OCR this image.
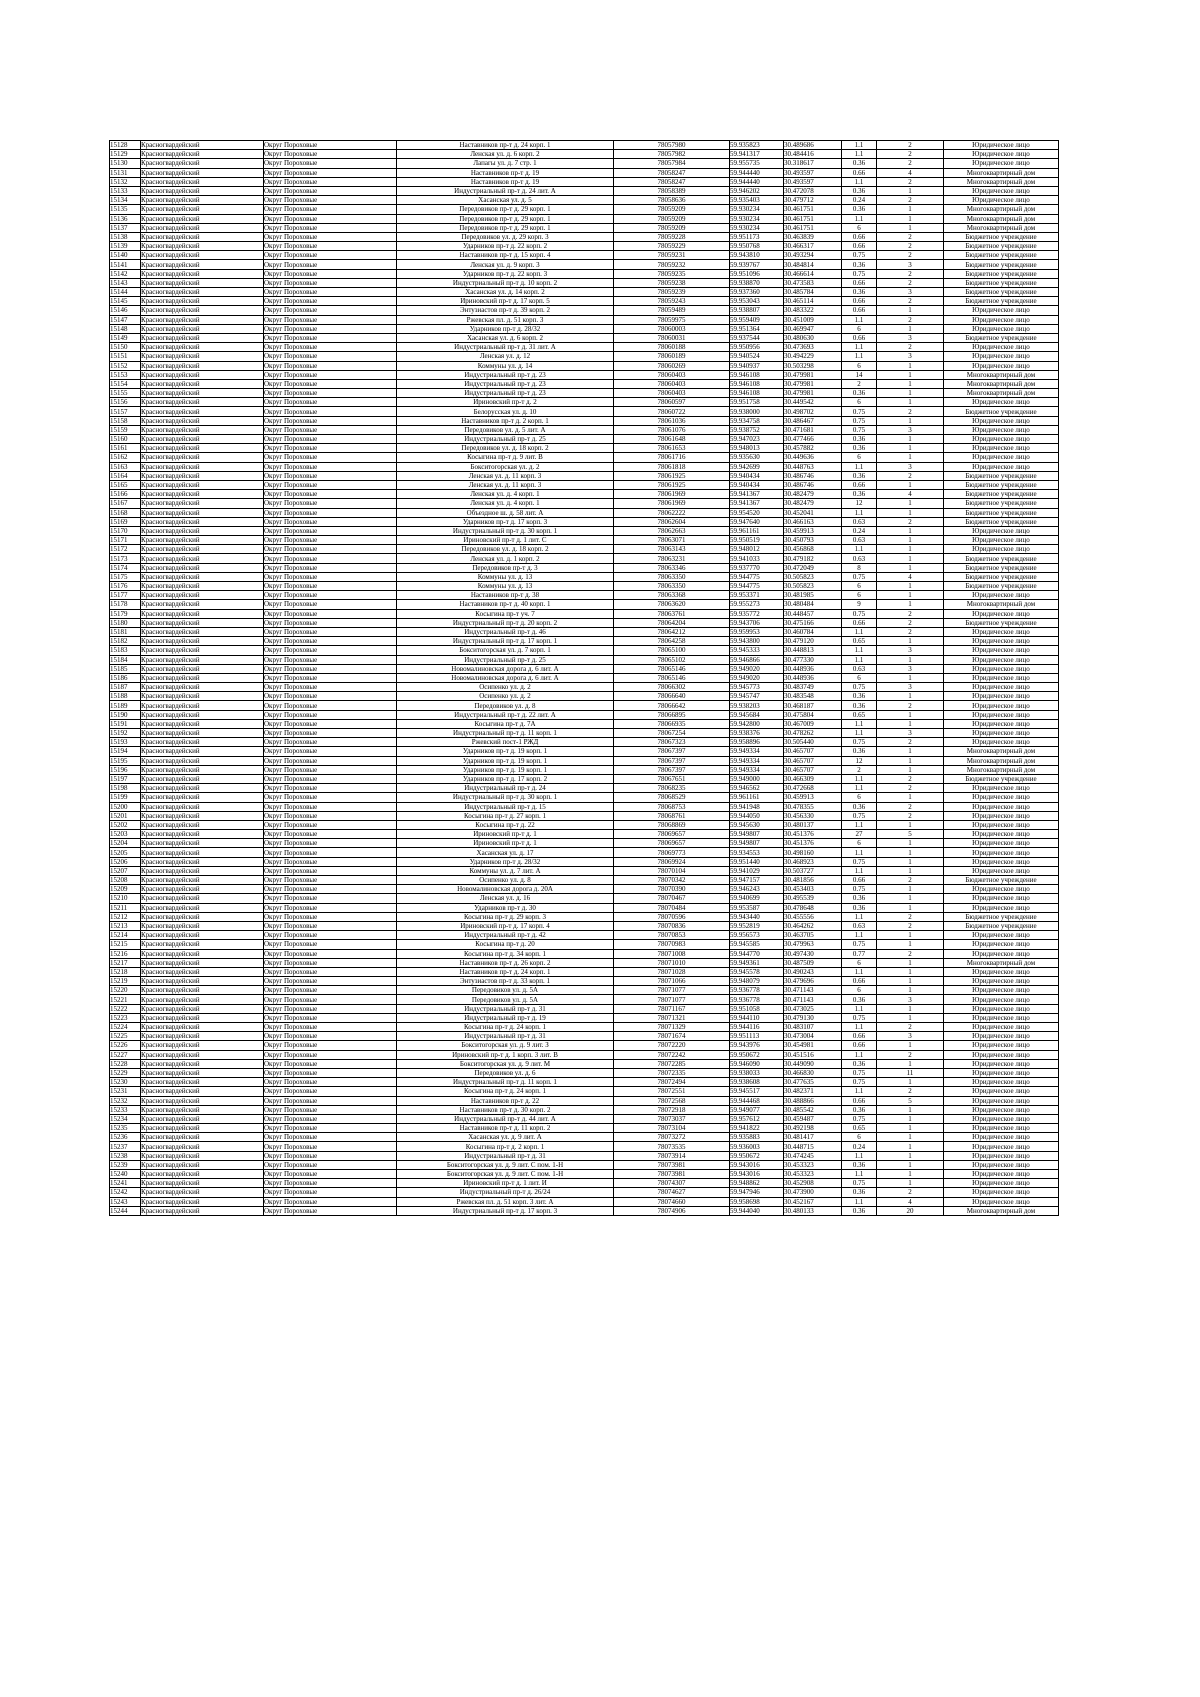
15128	Красногвардейский	Округ Пороховые	Наставников пр-т д. 24 корп. 1	78057980	59.935823	30.489686	1.1	2	Юридическое лицо
15129	Красногвардейский	Округ Пороховые	Ленская ул. д. 6 корп. 2	78057982	59.941317	30.484416	1.1	2	Юридическое лицо
15130	Красногвардейский	Округ Пороховые	Лапагы ул. д. 7 стр. 1	78057984	59.955735	30.318617	0.36	2	Юридическое лицо
15131	Красногвардейский	Округ Пороховые	Наставников пр-т д. 19	78058247	59.944440	30.493597	0.66	4	Многоквартирный дом
15132	Красногвардейский	Округ Пороховые	Наставников пр-т д. 19	78058247	59.944440	30.493597	1.1	2	Многоквартирный дом
15133	Красногвардейский	Округ Пороховые	Индустриальный пр-т д. 24 лит. А	78058389	59.946202	30.472078	0.36	1	Юридическое лицо
15134	Красногвардейский	Округ Пороховые	Хасанская ул. д. 5	78058636	59.935403	30.479712	0.24	2	Юридическое лицо
15135	Красногвардейский	Округ Пороховые	Передовиков пр-т д. 29 корп. 1	78059209	59.930234	30.461751	0.36	1	Многоквартирный дом
15136	Красногвардейский	Округ Пороховые	Передовиков пр-т д. 29 корп. 1	78059209	59.930234	30.461751	1.1	1	Многоквартирный дом
15137	Красногвардейский	Округ Пороховые	Передовиков пр-т д. 29 корп. 1	78059209	59.930234	30.461751	6	1	Многоквартирный дом
15138	Красногвардейский	Округ Пороховые	Передовиков ул. д. 29 корп. 3	78059228	59.951173	30.463839	0.66	2	Бюджетное учреждение
15139	Красногвардейский	Округ Пороховые	Ударников пр-т д. 22 корп. 2	78059229	59.950768	30.466317	0.66	2	Бюджетное учреждение
15140	Красногвардейский	Округ Пороховые	Наставников пр-т д. 15 корп. 4	78059231	59.943810	30.493294	0.75	2	Бюджетное учреждение
15141	Красногвардейский	Округ Пороховые	Ленская ул. д. 9 корп. 3	78059232	59.939767	30.484814	0.36	3	Бюджетное учреждение
15142	Красногвардейский	Округ Пороховые	Ударников пр-т д. 22 корп. 3	78059235	59.951096	30.466614	0.75	2	Бюджетное учреждение
15143	Красногвардейский	Округ Пороховые	Индустриальный пр-т д. 10 корп. 2	78059238	59.938870	30.473583	0.66	2	Бюджетное учреждение
15144	Красногвардейский	Округ Пороховые	Хасанская ул. д. 14 корп. 2	78059239	59.937360	30.485784	0.36	3	Бюджетное учреждение
15145	Красногвардейский	Округ Пороховые	Ириновский пр-т д. 17 корп. 5	78059243	59.953043	30.465114	0.66	2	Бюджетное учреждение
15146	Красногвардейский	Округ Пороховые	Энтузиастов пр-т д. 39 корп. 2	78059489	59.938807	30.483322	0.66	1	Юридическое лицо
15147	Красногвардейский	Округ Пороховые	Ржевская пл. д. 51 корп. 3	78059975	59.959409	30.451009	1.1	2	Юридическое лицо
15148	Красногвардейский	Округ Пороховые	Ударников пр-т д. 28/32	78060003	59.951364	30.469947	6	1	Юридическое лицо
15149	Красногвардейский	Округ Пороховые	Хасанская ул. д. 6 корп. 2	78060031	59.937544	30.480630	0.66	3	Бюджетное учреждение
15150	Красногвардейский	Округ Пороховые	Индустриальный пр-т д. 31 лит. А	78060188	59.950956	30.473693	1.1	2	Юридическое лицо
15151	Красногвардейский	Округ Пороховые	Ленская ул. д. 12	78060189	59.940524	30.494229	1.1	3	Юридическое лицо
15152	Красногвардейский	Округ Пороховые	Коммуны ул. д. 14	78060269	59.940937	30.503298	6	1	Юридическое лицо
15153	Красногвардейский	Округ Пороховые	Индустриальный пр-т д. 23	78060403	59.946108	30.479981	14	1	Многоквартирный дом
15154	Красногвардейский	Округ Пороховые	Индустриальный пр-т д. 23	78060403	59.946108	30.479981	2	1	Многоквартирный дом
15155	Красногвардейский	Округ Пороховые	Индустриальный пр-т д. 23	78060403	59.946108	30.479981	0.36	1	Многоквартирный дом
15156	Красногвардейский	Округ Пороховые	Ириновский пр-т д. 2	78060597	59.951758	30.449542	6	1	Юридическое лицо
15157	Красногвардейский	Округ Пороховые	Белорусская ул. д. 10	78060722	59.938000	30.498702	0.75	2	Бюджетное учреждение
15158	Красногвардейский	Округ Пороховые	Наставников пр-т д. 2 корп. 1	78061036	59.934758	30.486467	0.75	1	Юридическое лицо
15159	Красногвардейский	Округ Пороховые	Передовиков ул. д. 5 лит. А	78061076	59.938752	30.471681	0.75	3	Юридическое лицо
15160	Красногвардейский	Округ Пороховые	Индустриальный пр-т д. 25	78061648	59.947023	30.477466	0.36	1	Юридическое лицо
15161	Красногвардейский	Округ Пороховые	Передовиков ул. д. 18 корп. 2	78061653	59.948013	30.457882	0.36	1	Юридическое лицо
15162	Красногвардейский	Округ Пороховые	Косыгина пр-т д. 9 лит. В	78061716	59.935630	30.449636	6	1	Юридическое лицо
15163	Красногвардейский	Округ Пороховые	Бокситогорская ул. д. 2	78061818	59.942699	30.448763	1.1	3	Юридическое лицо
15164	Красногвардейский	Округ Пороховые	Ленская ул. д. 11 корп. 3	78061925	59.940434	30.486746	0.36	2	Бюджетное учреждение
15165	Красногвардейский	Округ Пороховые	Ленская ул. д. 11 корп. 3	78061925	59.940434	30.486746	0.66	1	Бюджетное учреждение
15166	Красногвардейский	Округ Пороховые	Ленская ул. д. 4 корп. 1	78061969	59.941367	30.482479	0.36	4	Бюджетное учреждение
15167	Красногвардейский	Округ Пороховые	Ленская ул. д. 4 корп. 1	78061969	59.941367	30.482479	12	1	Бюджетное учреждение
15168	Красногвардейский	Округ Пороховые	Объездное ш. д. 58 лит. А	78062222	59.954520	30.452041	1.1	1	Бюджетное учреждение
15169	Красногвардейский	Округ Пороховые	Ударников пр-т д. 17 корп. 3	78062604	59.947640	30.466163	0.63	2	Бюджетное учреждение
15170	Красногвардейский	Округ Пороховые	Индустриальный пр-т д. 30 корп. 1	78062663	59.961161	30.459913	0.24	1	Юридическое лицо
15171	Красногвардейский	Округ Пороховые	Ириновский пр-т д. 1 лит. С	78063071	59.950519	30.450793	0.63	1	Юридическое лицо
15172	Красногвардейский	Округ Пороховые	Передовиков ул. д. 18 корп. 2	78063143	59.948012	30.456868	1.1	1	Юридическое лицо
15173	Красногвардейский	Округ Пороховые	Ленская ул. д. 1 корп. 2	78063231	59.941033	30.479182	0.63	1	Бюджетное учреждение
15174	Красногвардейский	Округ Пороховые	Передовиков пр-т д. 3	78063346	59.937770	30.472049	8	1	Бюджетное учреждение
15175	Красногвардейский	Округ Пороховые	Коммуны ул. д. 13	78063350	59.944775	30.505823	0.75	4	Бюджетное учреждение
15176	Красногвардейский	Округ Пороховые	Коммуны ул. д. 13	78063350	59.944775	30.505823	6	1	Бюджетное учреждение
15177	Красногвардейский	Округ Пороховые	Наставников пр-т д. 38	78063368	59.953371	30.481985	6	1	Юридическое лицо
15178	Красногвардейский	Округ Пороховые	Наставников пр-т д. 40 корп. 1	78063620	59.955273	30.480484	9	1	Многоквартирный дом
15179	Красногвардейский	Округ Пороховые	Косыгина пр-т уч. 7	78063761	59.935772	30.448457	0.75	2	Юридическое лицо
15180	Красногвардейский	Округ Пороховые	Индустриальный пр-т д. 20 корп. 2	78064204	59.943706	30.475166	0.66	2	Бюджетное учреждение
15181	Красногвардейский	Округ Пороховые	Индустриальный пр-т д. 46	78064212	59.959953	30.460784	1.1	2	Юридическое лицо
15182	Красногвардейский	Округ Пороховые	Индустриальный пр-т д. 17 корп. 1	78064258	59.943800	30.479120	0.65	1	Юридическое лицо
15183	Красногвардейский	Округ Пороховые	Бокситогорская ул. д. 7 корп. 1	78065100	59.945333	30.448813	1.1	3	Юридическое лицо
15184	Красногвардейский	Округ Пороховые	Индустриальный пр-т д. 25	78065102	59.946866	30.477330	1.1	1	Юридическое лицо
15185	Красногвардейский	Округ Пороховые	Новомалиновская дорога д. 6 лит. А	78065146	59.949020	30.448936	0.63	3	Юридическое лицо
15186	Красногвардейский	Округ Пороховые	Новомалиновская дорога д. 6 лит. А	78065146	59.949020	30.448936	6	1	Юридическое лицо
15187	Красногвардейский	Округ Пороховые	Осипенко ул. д. 2	78066302	59.945773	30.483749	0.75	3	Юридическое лицо
15188	Красногвардейский	Округ Пороховые	Осипенко ул. д. 2	78066640	59.945747	30.483548	0.36	1	Юридическое лицо
15189	Красногвардейский	Округ Пороховые	Передовиков ул. д. 8	78066642	59.938203	30.468187	0.36	2	Юридическое лицо
15190	Красногвардейский	Округ Пороховые	Индустриальный пр-т д. 22 лит. А	78066895	59.945684	30.475804	0.65	1	Юридическое лицо
15191	Красногвардейский	Округ Пороховые	Косыгина пр-т д. 7А	78066935	59.942800	30.467009	1.1	1	Юридическое лицо
15192	Красногвардейский	Округ Пороховые	Индустриальный пр-т д. 11 корп. 1	78067254	59.938376	30.478262	1.1	3	Юридическое лицо
15193	Красногвардейский	Округ Пороховые	Ржевский пост-1 РЖД	78067323	59.958896	30.505440	0.75	2	Юридическое лицо
15194	Красногвардейский	Округ Пороховые	Ударников пр-т д. 19 корп. 1	78067397	59.949334	30.465707	0.36	1	Многоквартирный дом
15195	Красногвардейский	Округ Пороховые	Ударников пр-т д. 19 корп. 1	78067397	59.949334	30.465707	12	1	Многоквартирный дом
15196	Красногвардейский	Округ Пороховые	Ударников пр-т д. 19 корп. 1	78067397	59.949334	30.465707	2	1	Многоквартирный дом
15197	Красногвардейский	Округ Пороховые	Ударников пр-т д. 17 корп. 2	78067651	59.949000	30.466309	1.1	2	Бюджетное учреждение
15198	Красногвардейский	Округ Пороховые	Индустриальный пр-т д. 24	78068235	59.946562	30.472668	1.1	2	Юридическое лицо
15199	Красногвардейский	Округ Пороховые	Индустриальный пр-т д. 30 корп. 1	78068529	59.961161	30.459913	6	1	Юридическое лицо
15200	Красногвардейский	Округ Пороховые	Индустриальный пр-т д. 15	78068753	59.941948	30.478355	0.36	2	Юридическое лицо
15201	Красногвардейский	Округ Пороховые	Косыгина пр-т д. 27 корп. 1	78068761	59.944050	30.456330	0.75	2	Юридическое лицо
15202	Красногвардейский	Округ Пороховые	Косыгина пр-т д. 22	78068869	59.945630	30.480137	1.1	1	Юридическое лицо
15203	Красногвардейский	Округ Пороховые	Ириновский пр-т д. 1	78069657	59.949807	30.451376	27	5	Юридическое лицо
15204	Красногвардейский	Округ Пороховые	Ириновский пр-т д. 1	78069657	59.949807	30.451376	6	1	Юридическое лицо
15205	Красногвардейский	Округ Пороховые	Хасанская ул. д. 17	78069773	59.934553	30.498160	1.1	1	Юридическое лицо
15206	Красногвардейский	Округ Пороховые	Ударников пр-т д. 28/32	78069924	59.951440	30.468923	0.75	1	Юридическое лицо
15207	Красногвардейский	Округ Пороховые	Коммуны ул. д. 7 лит. А	78070104	59.941029	30.503727	1.1	1	Юридическое лицо
15208	Красногвардейский	Округ Пороховые	Осипенко ул. д. 8	78070342	59.947157	30.481856	0.66	2	Бюджетное учреждение
15209	Красногвардейский	Округ Пороховые	Новомалиновская дорога д. 20А	78070390	59.946243	30.453403	0.75	1	Юридическое лицо
15210	Красногвардейский	Округ Пороховые	Ленская ул. д. 16	78070467	59.940699	30.495539	0.36	1	Юридическое лицо
15211	Красногвардейский	Округ Пороховые	Ударников пр-т д. 30	78070484	59.953587	30.478648	0.36	1	Юридическое лицо
15212	Красногвардейский	Округ Пороховые	Косыгина пр-т д. 29 корп. 3	78070596	59.943440	30.455556	1.1	2	Бюджетное учреждение
15213	Красногвардейский	Округ Пороховые	Ириновский пр-т д. 17 корп. 4	78070836	59.952819	30.464262	0.63	2	Бюджетное учреждение
15214	Красногвардейский	Округ Пороховые	Индустриальный пр-т д. 42	78070853	59.956573	30.463705	1.1	1	Юридическое лицо
15215	Красногвардейский	Округ Пороховые	Косыгина пр-т д. 20	78070983	59.945585	30.479963	0.75	1	Юридическое лицо
15216	Красногвардейский	Округ Пороховые	Косыгина пр-т д. 34 корп. 1	78071008	59.944770	30.497430	0.77	2	Юридическое лицо
15217	Красногвардейский	Округ Пороховые	Наставников пр-т д. 26 корп. 2	78071010	59.949361	30.487509	6	1	Многоквартирный дом
15218	Красногвардейский	Округ Пороховые	Наставников пр-т д. 24 корп. 1	78071028	59.945578	30.490243	1.1	1	Юридическое лицо
15219	Красногвардейский	Округ Пороховые	Энтузиастов пр-т д. 33 корп. 1	78071066	59.948079	30.479696	0.66	1	Юридическое лицо
15220	Красногвардейский	Округ Пороховые	Передовиков ул. д. 5А	78071077	59.936778	30.471143	6	1	Юридическое лицо
15221	Красногвардейский	Округ Пороховые	Передовиков ул. д. 5А	78071077	59.936778	30.471143	0.36	3	Юридическое лицо
15222	Красногвардейский	Округ Пороховые	Индустриальный пр-т д. 31	78071167	59.951058	30.473025	1.1	1	Юридическое лицо
15223	Красногвардейский	Округ Пороховые	Индустриальный пр-т д. 19	78071321	59.944110	30.479130	0.75	1	Юридическое лицо
15224	Красногвардейский	Округ Пороховые	Косыгина пр-т д. 24 корп. 1	78071329	59.944116	30.483107	1.1	2	Юридическое лицо
15225	Красногвардейский	Округ Пороховые	Индустриальный пр-т д. 31	78071674	59.951113	30.473004	0.66	3	Юридическое лицо
15226	Красногвардейский	Округ Пороховые	Бокситогорская ул. д. 9 лит. З	78072220	59.943976	30.454981	0.66	1	Юридическое лицо
15227	Красногвардейский	Округ Пороховые	Ириновский пр-т д. 1 корп. 3 лит. В	78072242	59.950672	30.451516	1.1	2	Юридическое лицо
15228	Красногвардейский	Округ Пороховые	Бокситогорская ул. д. 9 лит. М	78072285	59.946090	30.449090	0.36	1	Юридическое лицо
15229	Красногвардейский	Округ Пороховые	Передовиков ул. д. 6	78072335	59.938033	30.466830	0.75	11	Юридическое лицо
15230	Красногвардейский	Округ Пороховые	Индустриальный пр-т д. 11 корп. 1	78072494	59.938608	30.477635	0.75	1	Юридическое лицо
15231	Красногвардейский	Округ Пороховые	Косыгина пр-т д. 24 корп. 1	78072551	59.945517	30.482371	1.1	2	Юридическое лицо
15232	Красногвардейский	Округ Пороховые	Наставников пр-т д. 22	78072568	59.944468	30.488866	0.66	5	Юридическое лицо
15233	Красногвардейский	Округ Пороховые	Наставников пр-т д. 30 корп. 2	78072918	59.949077	30.485542	0.36	1	Юридическое лицо
15234	Красногвардейский	Округ Пороховые	Индустриальный пр-т д. 44 лит. А	78073037	59.957612	30.459487	0.75	1	Юридическое лицо
15235	Красногвардейский	Округ Пороховые	Наставников пр-т д. 11 корп. 2	78073104	59.941822	30.492198	0.65	1	Юридическое лицо
15236	Красногвардейский	Округ Пороховые	Хасанская ул. д. 9 лит. А	78073272	59.935883	30.481417	6	1	Юридическое лицо
15237	Красногвардейский	Округ Пороховые	Косыгина пр-т д. 2 корп. 1	78073535	59.936003	30.448715	0.24	1	Юридическое лицо
15238	Красногвардейский	Округ Пороховые	Индустриальный пр-т д. 31	78073914	59.950672	30.474245	1.1	1	Юридическое лицо
15239	Красногвардейский	Округ Пороховые	Бокситогорская ул. д. 9 лит. С пом. 1-Н	78073981	59.943016	30.453323	0.36	1	Юридическое лицо
15240	Красногвардейский	Округ Пороховые	Бокситогорская ул. д. 9 лит. С пом. 1-Н	78073981	59.943016	30.453323	1.1	1	Юридическое лицо
15241	Красногвардейский	Округ Пороховые	Ириновский пр-т д. 1 лит. И	78074307	59.948862	30.452908	0.75	1	Юридическое лицо
15242	Красногвардейский	Округ Пороховые	Индустриальный пр-т д. 26/24	78074627	59.947946	30.473900	0.36	2	Юридическое лицо
15243	Красногвардейский	Округ Пороховые	Ржевская пл. д. 51 корп. 3 лит. А	78074660	59.958698	30.452167	1.1	4	Юридическое лицо
15244	Красногвардейский	Округ Пороховые	Индустриальный пр-т д. 17 корп. 3	78074906	59.944040	30.480133	0.36	20	Многоквартирный дом
